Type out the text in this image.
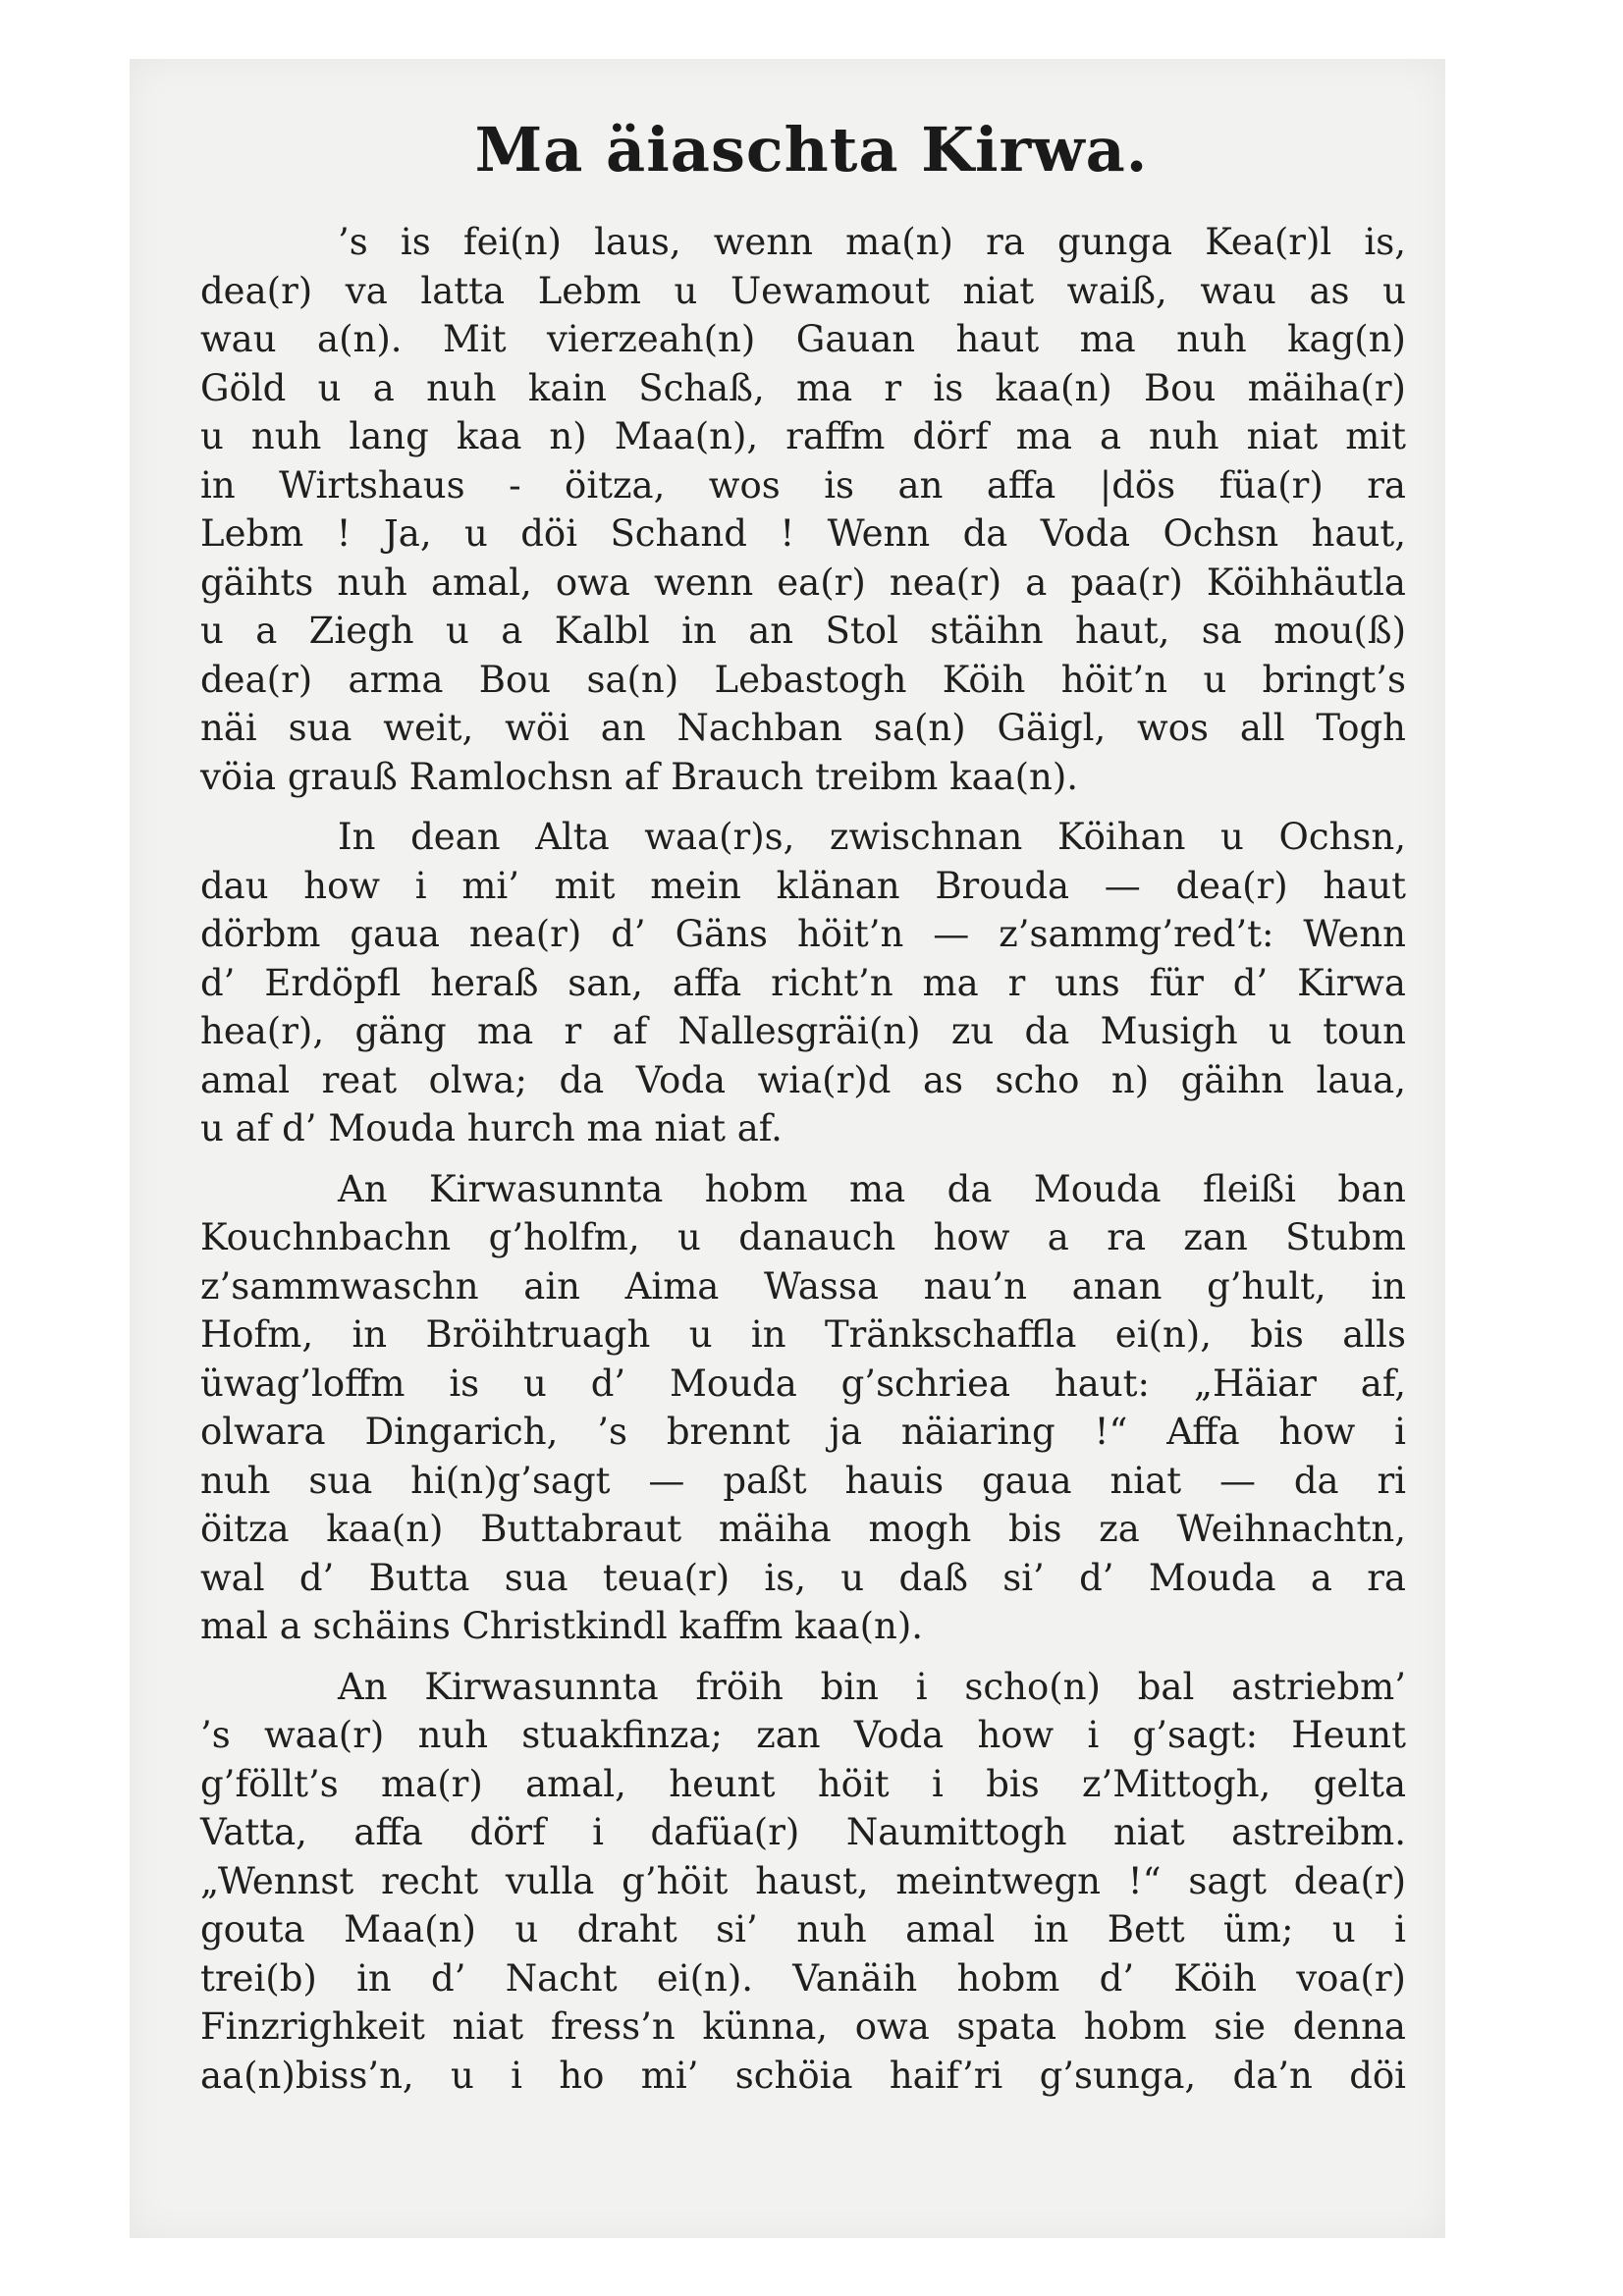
Ma äiaschta Kirwa.
’s is fei(n) laus, wenn ma(n) ra gunga Kea(r)l is,
dea(r) va latta Lebm u Uewamout niat waiß, wau as u
wau a(n). Mit vierzeah(n) Gauan haut ma nuh kag(n)
Göld u a nuh kain Schaß, ma r is kaa(n) Bou mäiha(r)
u nuh lang kaa n) Maa(n), raffm dörf ma a nuh niat mit
in Wirtshaus - öitza, wos is an affa |dös füa(r) ra
Lebm ! Ja, u döi Schand ! Wenn da Voda Ochsn haut,
gäihts nuh amal, owa wenn ea(r) nea(r) a paa(r) Köihhäutla
u a Ziegh u a Kalbl in an Stol stäihn haut, sa mou(ß)
dea(r) arma Bou sa(n) Lebastogh Köih höit’n u bringt’s
näi sua weit, wöi an Nachban sa(n) Gäigl, wos all Togh
vöia grauß Ramlochsn af Brauch treibm kaa(n).
In dean Alta waa(r)s, zwischnan Köihan u Ochsn,
dau how i mi’ mit mein klänan Brouda — dea(r) haut
dörbm gaua nea(r) d’ Gäns höit’n — z’sammg’red’t: Wenn
d’ Erdöpfl heraß san, affa richt’n ma r uns für d’ Kirwa
hea(r), gäng ma r af Nallesgräi(n) zu da Musigh u toun
amal reat olwa; da Voda wia(r)d as scho n) gäihn laua,
u af d’ Mouda hurch ma niat af.
An Kirwasunnta hobm ma da Mouda fleißi ban
Kouchnbachn g’holfm, u danauch how a ra zan Stubm
z’sammwaschn ain Aima Wassa nau’n anan g’hult, in
Hofm, in Bröihtruagh u in Tränkschaffla ei(n), bis alls
üwag’loffm is u d’ Mouda g’schriea haut: „Häiar af,
olwara Dingarich, ’s brennt ja näiaring !“ Affa how i
nuh sua hi(n)g’sagt — paßt hauis gaua niat — da ri
öitza kaa(n) Buttabraut mäiha mogh bis za Weihnachtn,
wal d’ Butta sua teua(r) is, u daß si’ d’ Mouda a ra
mal a schäins Christkindl kaffm kaa(n).
An Kirwasunnta fröih bin i scho(n) bal astriebm’
’s waa(r) nuh stuakfinza; zan Voda how i g’sagt: Heunt
g’föllt’s ma(r) amal, heunt höit i bis z’Mittogh, gelta
Vatta, affa dörf i dafüa(r) Naumittogh niat astreibm.
„Wennst recht vulla g’höit haust, meintwegn !“ sagt dea(r)
gouta Maa(n) u draht si’ nuh amal in Bett üm; u i
trei(b) in d’ Nacht ei(n). Vanäih hobm d’ Köih voa(r)
Finzrighkeit niat fress’n künna, owa spata hobm sie denna
aa(n)biss’n, u i ho mi’ schöia haif’ri g’sunga, da’n döi
